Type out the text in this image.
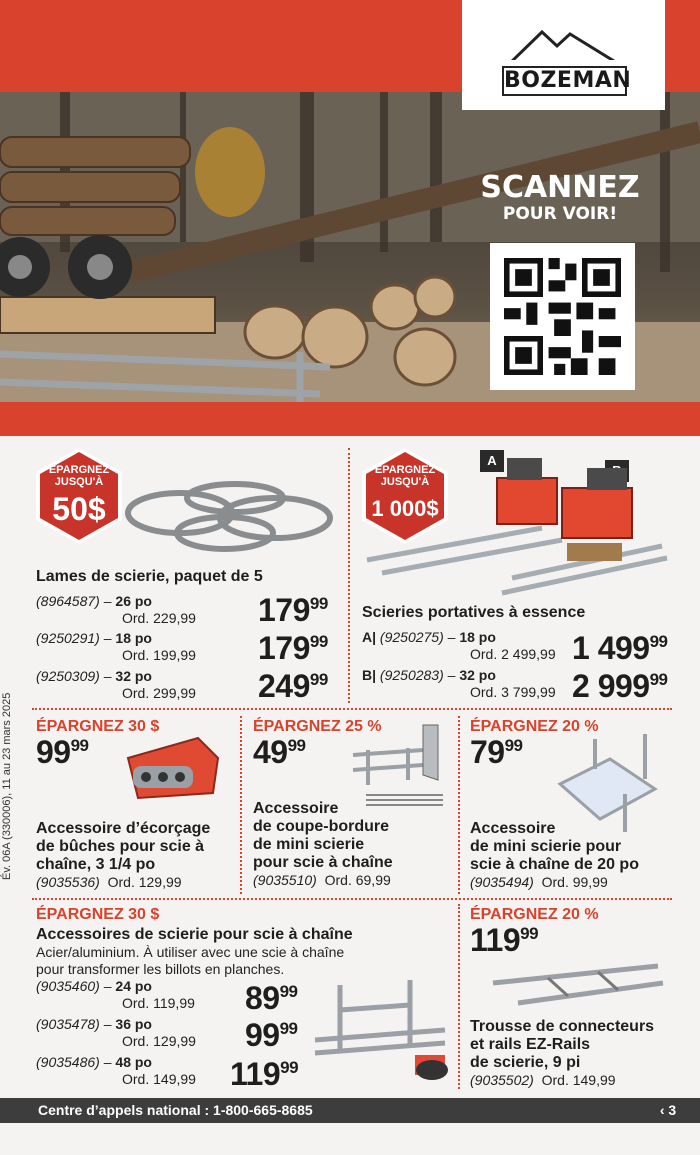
BOZEMAN
SCANNEZ
POUR VOIR!
ÉPARGNEZ
JUSQU'À
50$
Lames de scierie, paquet de 5
(8964587) – 26 po
Ord. 229,99 $179^{99}$
(9250291) – 18 po
Ord. 199,99 $179^{99}$
(9250309) – 32 po
Ord. 299,99 $249^{99}$
ÉPARGNEZ
JUSQU'À
1 000$
A
Scieries portatives à essence
A| (9250275) – 18 po
Ord. 2 499,99 1 $499^{99}$
B| (9250283) – 32 po
Ord. 3 799,99 2 $999^{99}$
ÉPARGNEZ 30 $
$99^{99}$
Accessoire d’écorçage
de bûches pour scie à
chaîne, 3 1/4 po
(9035536) Ord. 129,99
ÉPARGNEZ 25 %
$49^{99}$
Accessoire
de coupe-bordure
de mini scierie
pour scie à chaîne
(9035510) Ord. 69,99
ÉPARGNEZ 20 %
$79^{99}$
Accessoire
de mini scierie pour
scie à chaîne de 20 po
(9035494) Ord. 99,99
ÉPARGNEZ 30 $
Accessoires de scierie pour scie à chaîne
Acier/aluminium. À utiliser avec une scie à chaîne
pour transformer les billots en planches.
(9035460) – 24 po
Ord. 119,99 $89^{99}$
(9035478) – 36 po
Ord. 129,99 $99^{99}$
(9035486) – 48 po
Ord. 149,99 $119^{99}$
ÉPARGNEZ 20 %
$119^{99}$
Trousse de connecteurs
et rails EZ-Rails
de scierie, 9 pi
(9035502) Ord. 149,99
Év. 06A (330006), 11 au 23 mars 2025
Centre d’appels national : 1-800-665-8685	‹ 3
